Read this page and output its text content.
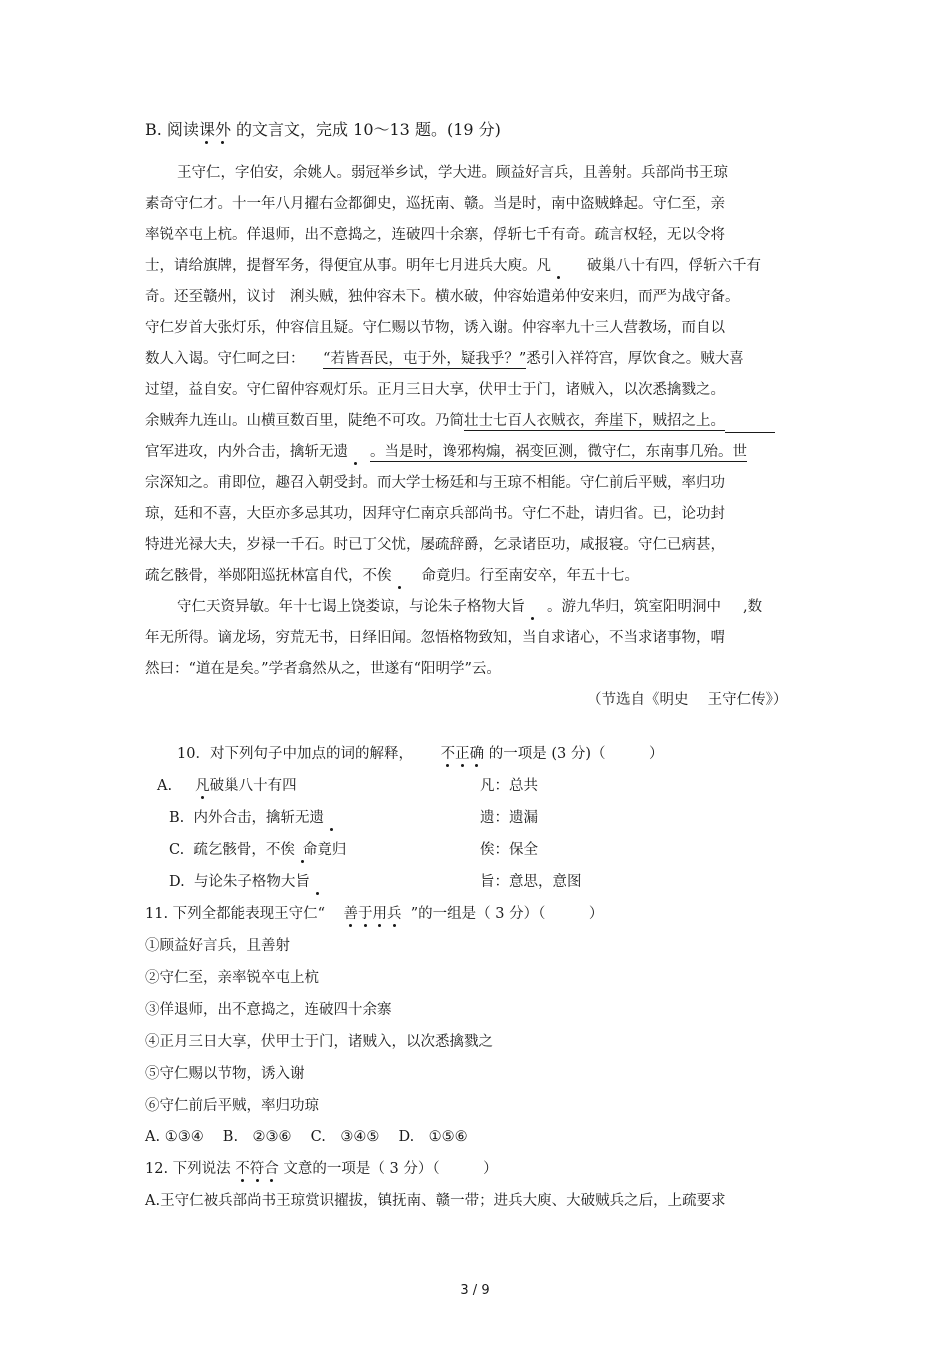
B. 阅读课外 的文言文，完成 10～13 题。(19 分)
王守仁，字伯安，余姚人。弱冠举乡试，学大进。顾益好言兵，且善射。兵部尚书王琼
素奇守仁才。十一年八月擢右佥都御史，巡抚南、赣。当是时，南中盗贼蜂起。守仁至，亲
率锐卒屯上杭。佯退师，出不意捣之，连破四十余寨，俘斩七千有奇。疏言权轻，无以令将
士，请给旗牌，提督军务，得便宜从事。明年七月进兵大庾。凡 破巢八十有四，俘斩六千有
奇。还至赣州，议讨　浰头贼，独仲容未下。横水破，仲容始遣弟仲安来归，而严为战守备。
守仁岁首大张灯乐，仲容信且疑。守仁赐以节物，诱入谢。仲容率九十三人营教场，而自以
数人入谒。守仁呵之曰： “若皆吾民，屯于外，疑我乎？”悉引入祥符宫，厚饮食之。贼大喜
过望，益自安。守仁留仲容观灯乐。正月三日大享，伏甲士于门，诸贼入，以次悉擒戮之。
余贼奔九连山。山横亘数百里，陡绝不可攻。乃简壮士七百人衣贼衣，奔崖下，贼招之上。
官军进攻，内外合击，擒斩无遗 。当是时，谗邪构煽，祸变叵测，微守仁，东南事几殆。世
宗深知之。甫即位，趣召入朝受封。而大学士杨廷和与王琼不相能。守仁前后平贼，率归功
琼，廷和不喜，大臣亦多忌其功，因拜守仁南京兵部尚书。守仁不赴，请归省。已，论功封
特进光禄大夫，岁禄一千石。时已丁父忧，屡疏辞爵，乞录诸臣功，咸报寝。守仁已病甚，
疏乞骸骨，举郧阳巡抚林富自代，不俟 命竟归。行至南安卒，年五十七。
守仁天资异敏。年十七谒上饶娄谅，与论朱子格物大旨 。游九华归，筑室阳明洞中 ,数
年无所得。谪龙场，穷荒无书，日绎旧闻。忽悟格物致知，当自求诸心，不当求诸事物，喟
然曰：“道在是矣。”学者翕然从之，世遂有“阳明学”云。
（节选自《明史　 王守仁传》）
10．对下列句子中加点的词的解释， 不正确 的一项是 (3 分)（　　　）
A. 凡破巢八十有四	凡：总共
B. 内外合击，擒斩无遗	遗：遗漏
C. 疏乞骸骨，不俟 命竟归	俟：保全
D. 与论朱子格物大旨	旨：意思，意图
11. 下列全都能表现王守仁“ 善于用兵 ”的一组是（ 3 分）（　　　）
①顾益好言兵，且善射
②守仁至，亲率锐卒屯上杭
③佯退师，出不意捣之，连破四十余寨
④正月三日大享，伏甲士于门，诸贼入，以次悉擒戮之
⑤守仁赐以节物，诱入谢
⑥守仁前后平贼，率归功琼
A. ①③④　 B.　②③⑥　 C.　③④⑤　 D.　①⑤⑥
12. 下列说法 不符合 文意的一项是（ 3 分）（　　　）
A.王守仁被兵部尚书王琼赏识擢拔，镇抚南、赣一带；进兵大庾、大破贼兵之后，上疏要求
3 / 9
